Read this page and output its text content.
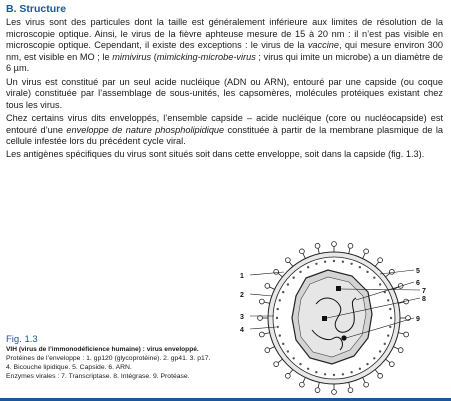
B. Structure

Les virus sont des particules dont la taille est généralement inférieure aux limites de résolution de la microscopie optique. Ainsi, le virus de la fièvre aphteuse mesure de 15 à 20 nm : il n’est pas visible en microscopie optique. Cependant, il existe des exceptions : le virus de la vaccine, qui mesure environ 300 nm, est visible en MO ; le mimivirus (mimicking-microbe-virus ; virus qui imite un microbe) a un diamètre de 6 µm.

Un virus est constitué par un seul acide nucléique (ADN ou ARN), entouré par une capside (ou coque virale) constituée par l’assemblage de sous-unités, les capsomères, molécules protéiques existant chez tous les virus.

Chez certains virus dits enveloppés, l’ensemble capside – acide nucléique (core ou nucléocapside) est entouré d’une enveloppe de nature phospholipidique constituée à partir de la membrane plasmique de la cellule infestée lors du précédent cycle viral.

Les antigènes spécifiques du virus sont situés soit dans cette enveloppe, soit dans la capside (fig. 1.3).

1
2
3
4
5
6
7
8
9
Fig. 1.3
VIH (virus de l’immonodéficience humaine) : virus enveloppé.
Protéines de l’enveloppe : 1. gp120 (glycoprotéine). 2. gp41. 3. p17.
4. Bicouche lipidique. 5. Capside. 6. ARN.
Enzymes virales : 7. Transcriptase. 8. Intégrase. 9. Protéase.
